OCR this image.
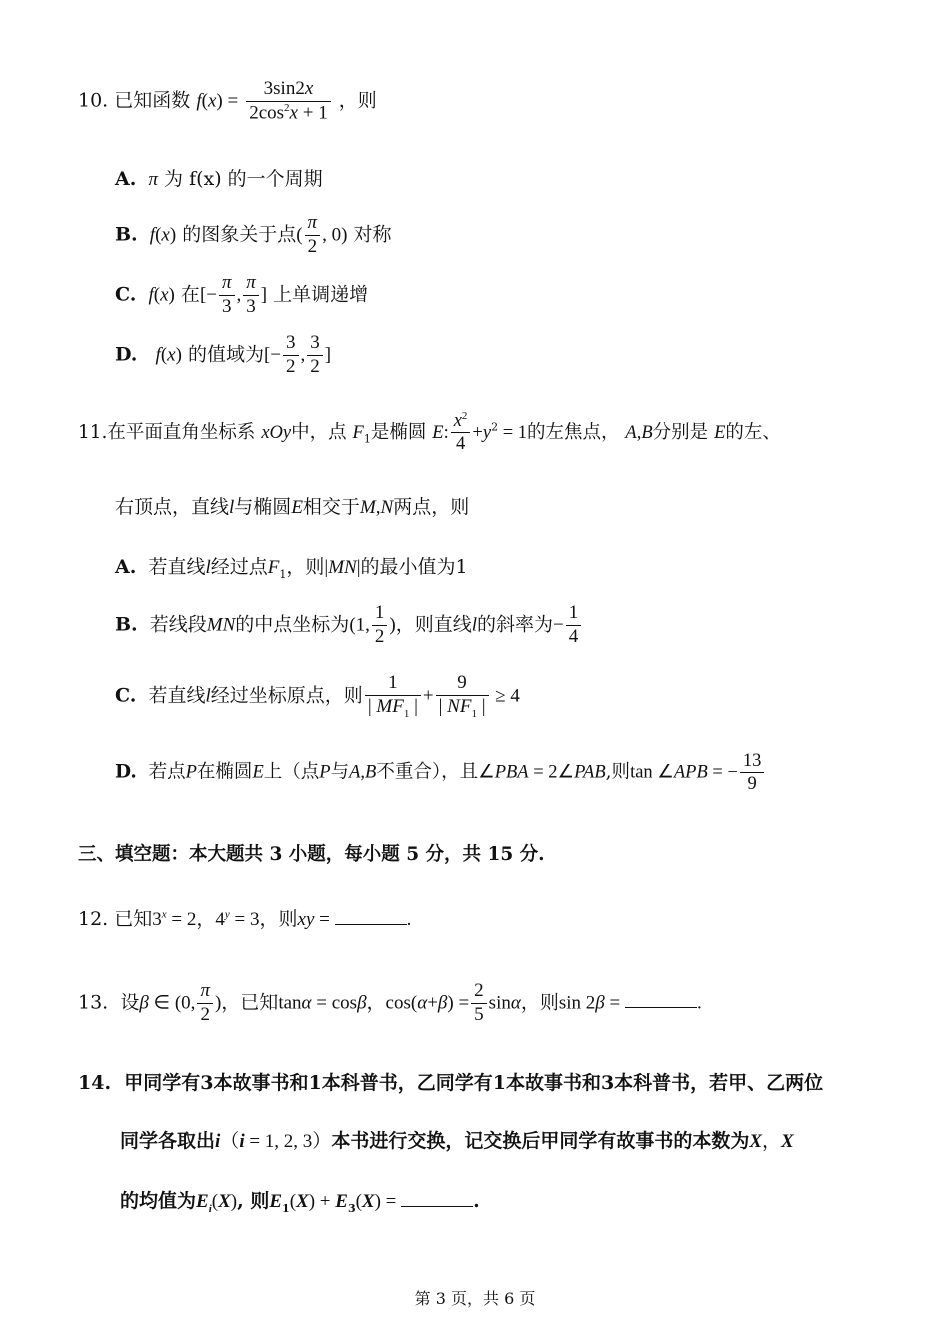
10. 已知函数 $f(x) = \frac{3\sin 2x}{2\cos^2x + 1}$ ，则
A. π 为 f(x) 的一个周期
B. f(x) 的图象关于点( $\frac{\pi}{2}$ , 0) 对称
C. f(x) 在[− $\frac{\pi}{3}$ , $\frac{\pi}{3}$ ] 上单调递增
D. f(x) 的值域为[− $\frac{3}{2}$ , $\frac{3}{2}$ ]
11.在平面直角坐标系 xOy中，点 $F_1$是椭圆 E: $\frac{x^2}{4} +y^2 = 1$的左焦点， A,B分别是 E的左、
右顶点，直线l与椭圆E相交于M,N两点，则
A. 若直线l经过点$F_1$，则|MN|的最小值为1
B. 若线段MN的中点坐标为(1, $\frac{1}{2}$ )，则直线l的斜率为− $\frac{1}{4}$
C. 若直线l经过坐标原点，则 $\frac{1}{| MF_1 |} + \frac{9}{| NF_1 |} \ge 4$
D. 若点P在椭圆E上（点P与A,B不重合），且∠PBA = 2∠PAB,则tan ∠APB = − $\frac{13}{9}$
三、填空题：本大题共 3 小题，每小题 5 分，共 15 分.
12. 已知$3^x = 2$，$4^y = 3$，则xy =	.
13. 设β ∈ (0, $\frac{\pi}{2}$ )，已知tanα = cosβ，$\cos(\alpha+\beta) = \frac{2}{5}$ sinα，则sin 2β =	.
14. 甲同学有3本故事书和1本科普书，乙同学有1本故事书和3本科普书，若甲、乙两位
同学各取出i（i = 1, 2, 3）本书进行交换，记交换后甲同学有故事书的本数为X，X
的均值为$E_i(X)$, 则$E_1(X) + E_3(X)$ =	.
第 3 页，共 6 页
